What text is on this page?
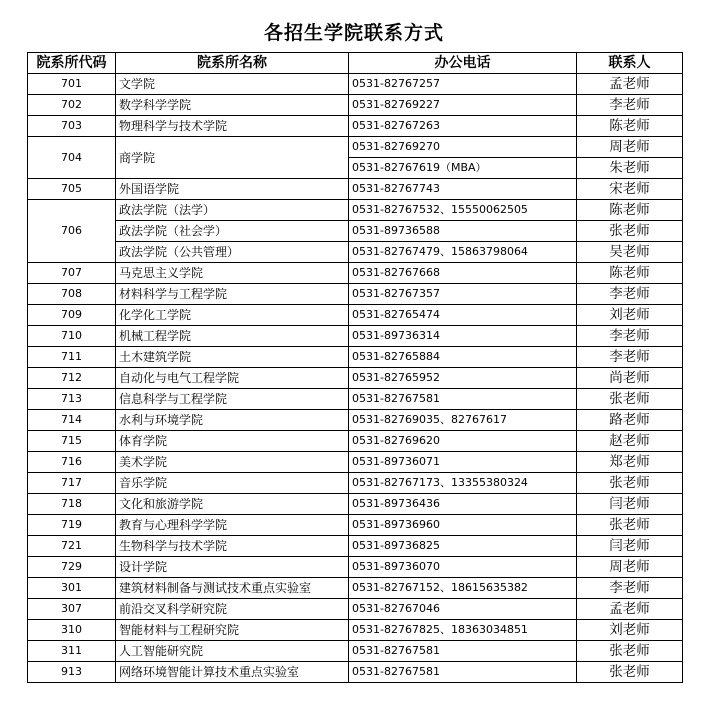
各招生学院联系方式
院系所代码	院系所名称	办公电话	联系人
701	文学院	0531-82767257	孟老师
702	数学科学学院	0531-82769227	李老师
703	物理科学与技术学院	0531-82767263	陈老师
704	商学院	0531-82769270	周老师
		0531-82767619（MBA）	朱老师
705	外国语学院	0531-82767743	宋老师
706	政法学院（法学）	0531-82767532、15550062505	陈老师
	政法学院（社会学）	0531-89736588	张老师
	政法学院（公共管理）	0531-82767479、15863798064	吴老师
707	马克思主义学院	0531-82767668	陈老师
708	材料科学与工程学院	0531-82767357	李老师
709	化学化工学院	0531-82765474	刘老师
710	机械工程学院	0531-89736314	李老师
711	土木建筑学院	0531-82765884	李老师
712	自动化与电气工程学院	0531-82765952	尚老师
713	信息科学与工程学院	0531-82767581	张老师
714	水利与环境学院	0531-82769035、82767617	路老师
715	体育学院	0531-82769620	赵老师
716	美术学院	0531-89736071	郑老师
717	音乐学院	0531-82767173、13355380324	张老师
718	文化和旅游学院	0531-89736436	闫老师
719	教育与心理科学学院	0531-89736960	张老师
721	生物科学与技术学院	0531-89736825	闫老师
729	设计学院	0531-89736070	周老师
301	建筑材料制备与测试技术重点实验室	0531-82767152、18615635382	李老师
307	前沿交叉科学研究院	0531-82767046	孟老师
310	智能材料与工程研究院	0531-82767825、18363034851	刘老师
311	人工智能研究院	0531-82767581	张老师
913	网络环境智能计算技术重点实验室	0531-82767581	张老师
